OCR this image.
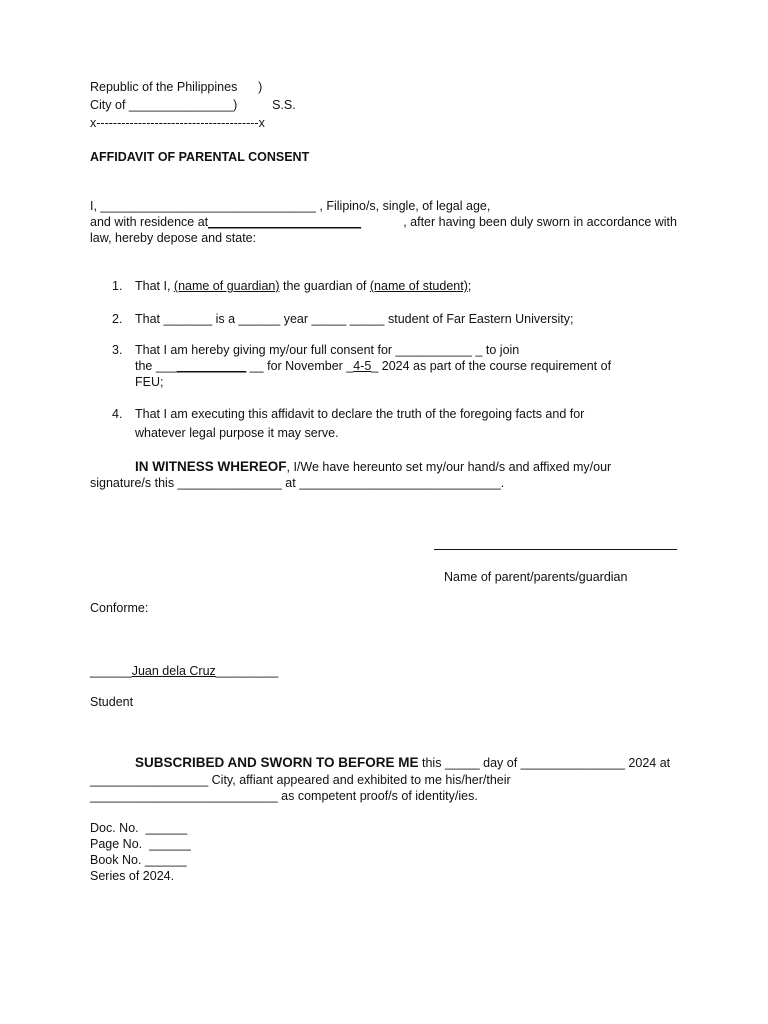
Republic of the Philippines      )
City of _______________)          S.S.
x---------------------------------------x
AFFIDAVIT OF PARENTAL CONSENT
I, _______________________________ , Filipino/s, single, of legal age,
and with residence at______________________	, after having been duly sworn in accordance with
law, hereby depose and state:
1. That I, (name of guardian) the guardian of (name of student);
2. That _______ is a ______ year _____ _____ student of Far Eastern University;
3. That I am hereby giving my/our full consent for ___________ _ to join
the _____________ __ for November _4-5_ 2024 as part of the course requirement of
FEU;
4. That I am executing this affidavit to declare the truth of the foregoing facts and for
whatever legal purpose it may serve.
IN WITNESS WHEREOF, I/We have hereunto set my/our hand/s and affixed my/our
signature/s this _______________ at _____________________________.
Name of parent/parents/guardian
Conforme:
______Juan dela Cruz_________
Student
SUBSCRIBED AND SWORN TO BEFORE ME this _____ day of _______________ 2024 at
_________________ City, affiant appeared and exhibited to me his/her/their
___________________________ as competent proof/s of identity/ies.
Doc. No.  ______
Page No.  ______
Book No. ______
Series of 2024.
